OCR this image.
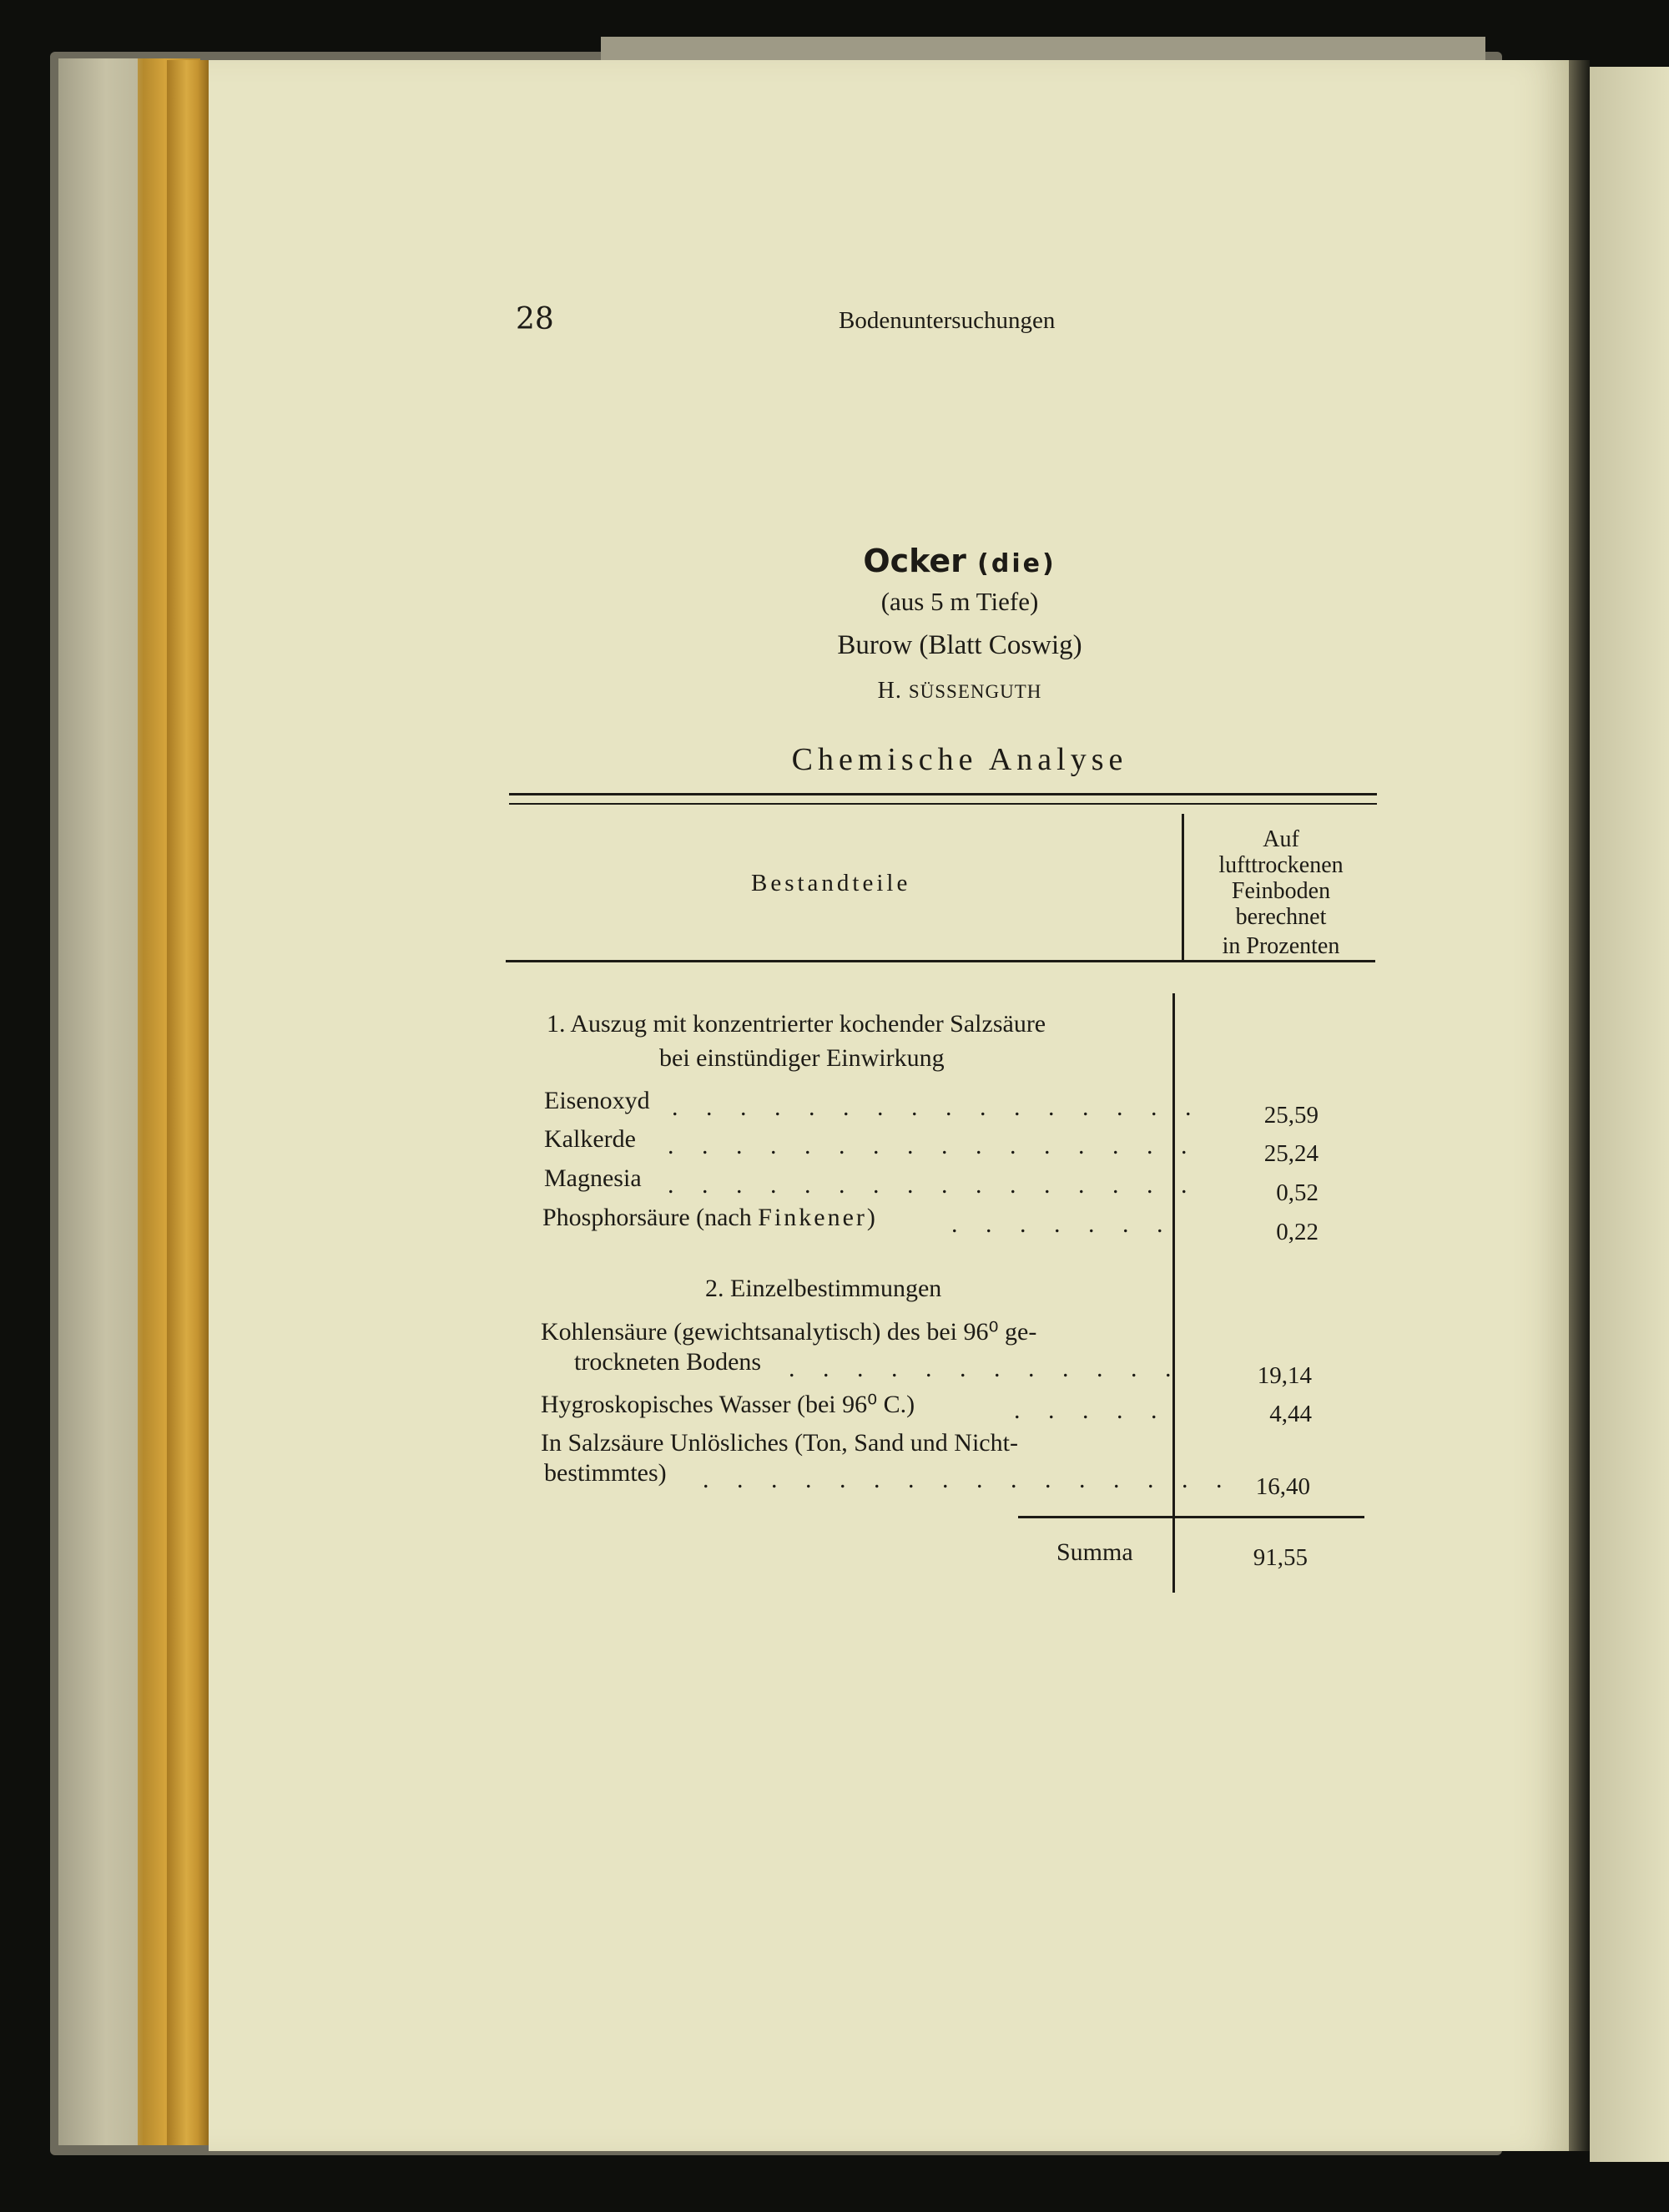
28	Bodenuntersuchungen
Ocker (die)
(aus 5 m Tiefe)
Burow (Blatt Coswig)
H. SÜSSENGUTH
Chemische Analyse
Bestandteile
Auf
lufttrockenen
Feinboden
berechnet
in Prozenten
1. Auszug mit konzentrierter kochender Salzsäure
bei einstündiger Einwirkung
Eisenoxyd . . . . . . . . . . . . . . . .	25,59
Kalkerde . . . . . . . . . . . . . . . .	25,24
Magnesia . . . . . . . . . . . . . . . .	0,52
Phosphorsäure (nach Finkener)	. . . . . . .	0,22
2. Einzelbestimmungen
Kohlensäure (gewichtsanalytisch) des bei 96⁰ ge-
trockneten Bodens . . . . . . . . . . . .	19,14
Hygroskopisches Wasser (bei 96⁰ C.)	. . . . .	4,44
In Salzsäure Unlösliches (Ton, Sand und Nicht-
bestimmtes) . . . . . . . . . . . . . . . . 16,40
Summa	91,55
